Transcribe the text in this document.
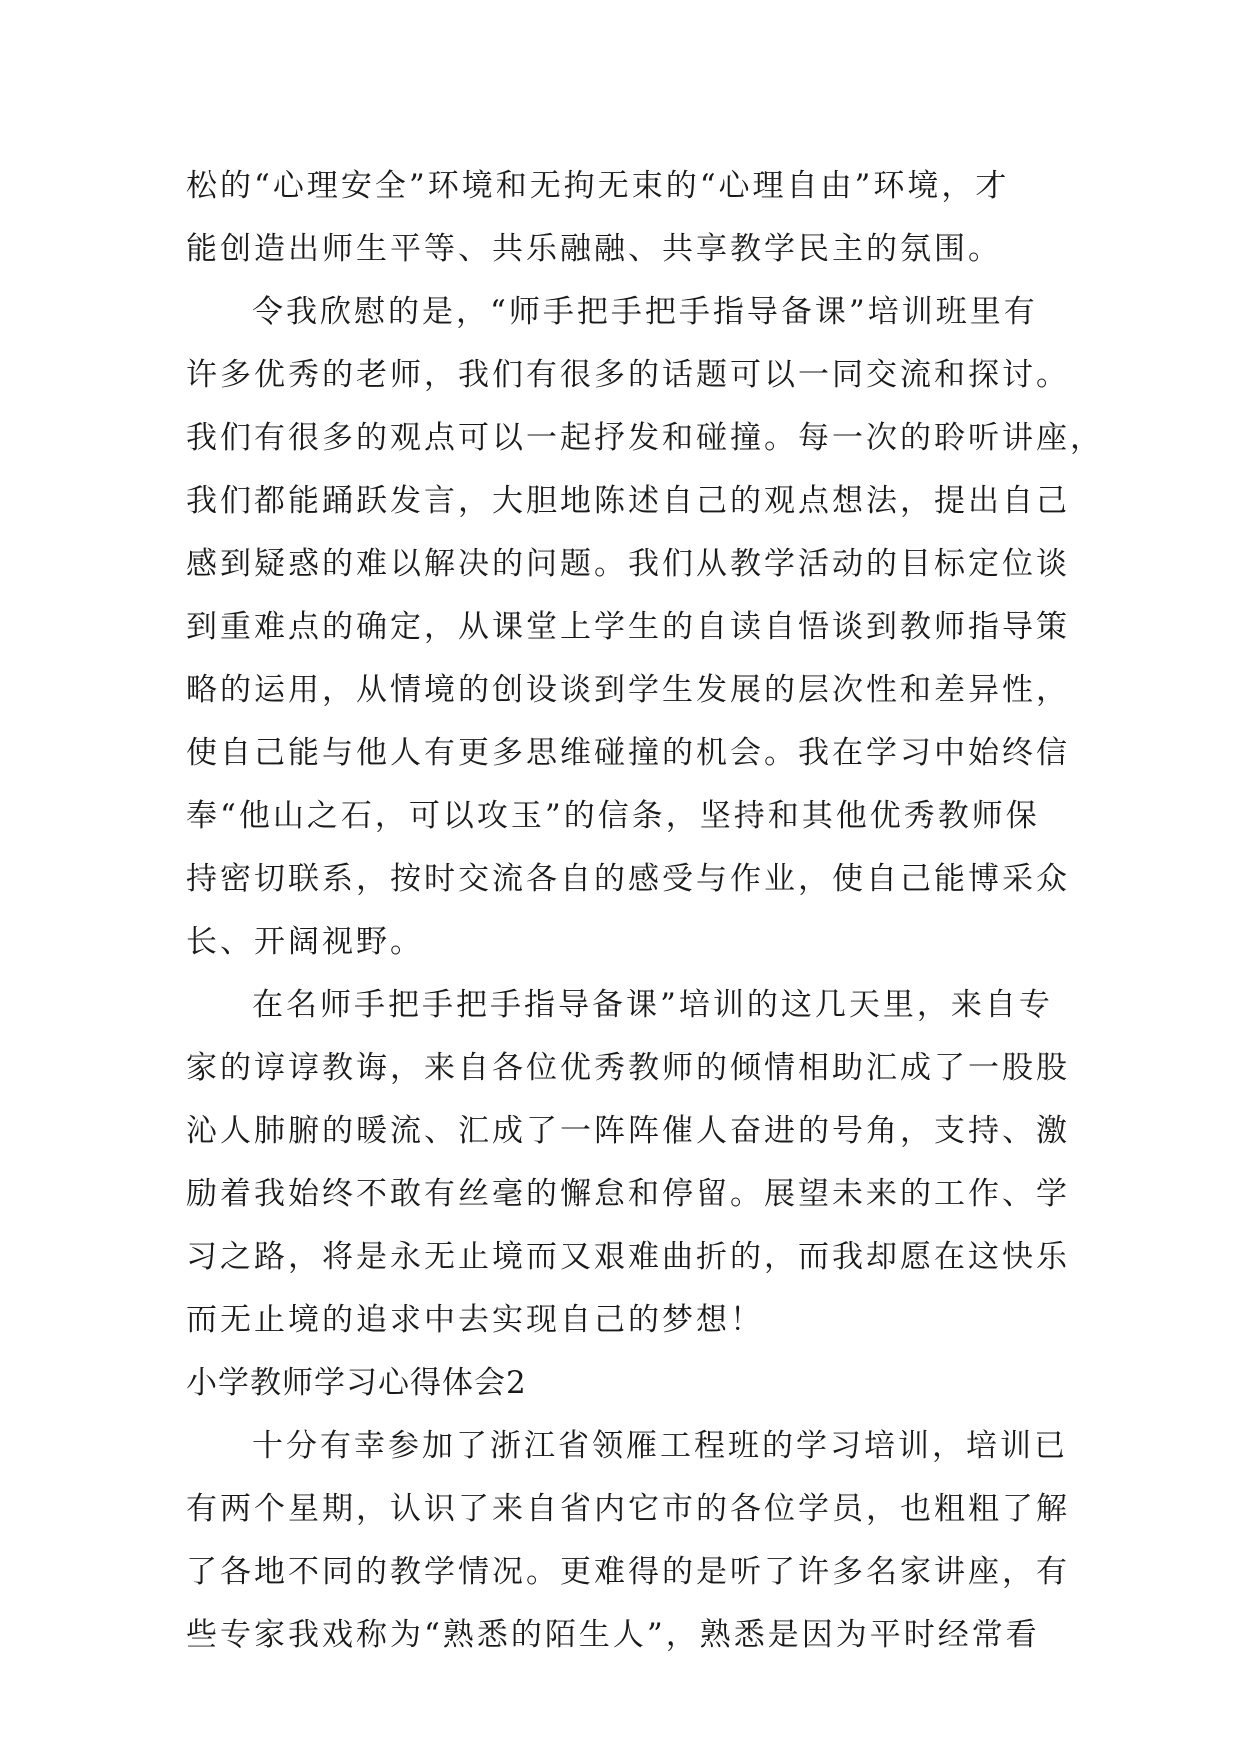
松的“心理安全”环境和无拘无束的“心理自由”环境，才
能创造出师生平等、共乐融融、共享教学民主的氛围。
令我欣慰的是，“师手把手把手指导备课”培训班里有
许多优秀的老师，我们有很多的话题可以一同交流和探讨。
我们有很多的观点可以一起抒发和碰撞。每一次的聆听讲座，
我们都能踊跃发言，大胆地陈述自己的观点想法，提出自己
感到疑惑的难以解决的问题。我们从教学活动的目标定位谈
到重难点的确定，从课堂上学生的自读自悟谈到教师指导策
略的运用，从情境的创设谈到学生发展的层次性和差异性，
使自己能与他人有更多思维碰撞的机会。我在学习中始终信
奉“他山之石，可以攻玉”的信条，坚持和其他优秀教师保
持密切联系，按时交流各自的感受与作业，使自己能博采众
长、开阔视野。
在名师手把手把手指导备课”培训的这几天里，来自专
家的谆谆教诲，来自各位优秀教师的倾情相助汇成了一股股
沁人肺腑的暖流、汇成了一阵阵催人奋进的号角，支持、激
励着我始终不敢有丝毫的懈怠和停留。展望未来的工作、学
习之路，将是永无止境而又艰难曲折的，而我却愿在这快乐
而无止境的追求中去实现自己的梦想！
小学教师学习心得体会2
十分有幸参加了浙江省领雁工程班的学习培训，培训已
有两个星期，认识了来自省内它市的各位学员，也粗粗了解
了各地不同的教学情况。更难得的是听了许多名家讲座，有
些专家我戏称为“熟悉的陌生人”，熟悉是因为平时经常看
